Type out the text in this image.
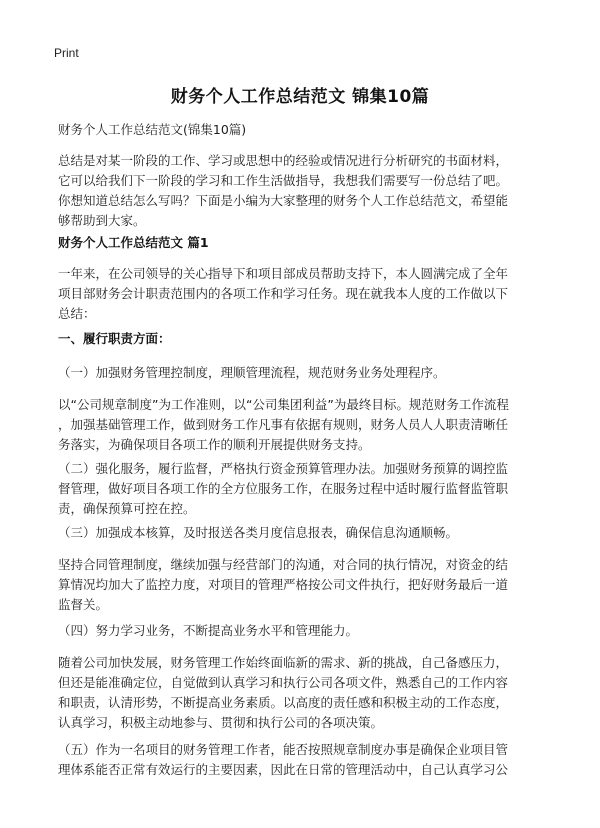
Print
财务个人工作总结范文 锦集10篇
财务个人工作总结范文(锦集10篇)
总结是对某一阶段的工作、学习或思想中的经验或情况进行分析研究的书面材料，
它可以给我们下一阶段的学习和工作生活做指导，我想我们需要写一份总结了吧。
你想知道总结怎么写吗？下面是小编为大家整理的财务个人工作总结范文，希望能
够帮助到大家。
财务个人工作总结范文 篇1
一年来，在公司领导的关心指导下和项目部成员帮助支持下，本人圆满完成了全年
项目部财务会计职责范围内的各项工作和学习任务。现在就我本人度的工作做以下
总结：
一、履行职责方面：
（一）加强财务管理控制度，理顺管理流程，规范财务业务处理程序。
以“公司规章制度”为工作准则，以“公司集团利益”为最终目标。规范财务工作流程
，加强基础管理工作，做到财务工作凡事有依据有规则，财务人员人人职责清晰任
务落实，为确保项目各项工作的顺利开展提供财务支持。
（二）强化服务，履行监督，严格执行资金预算管理办法。加强财务预算的调控监
督管理，做好项目各项工作的全方位服务工作，在服务过程中适时履行监督监管职
责，确保预算可控在控。
（三）加强成本核算，及时报送各类月度信息报表，确保信息沟通顺畅。
坚持合同管理制度，继续加强与经营部门的沟通，对合同的执行情况，对资金的结
算情况均加大了监控力度，对项目的管理严格按公司文件执行，把好财务最后一道
监督关。
（四）努力学习业务，不断提高业务水平和管理能力。
随着公司加快发展，财务管理工作始终面临新的需求、新的挑战，自己备感压力，
但还是能准确定位，自觉做到认真学习和执行公司各项文件，熟悉自己的工作内容
和职责，认清形势，不断提高业务素质。以高度的责任感和积极主动的工作态度，
认真学习，积极主动地参与、贯彻和执行公司的各项决策。
（五）作为一名项目的财务管理工作者，能否按照规章制度办事是确保企业项目管
理体系能否正常有效运行的主要因素，因此在日常的管理活动中，自己认真学习公
